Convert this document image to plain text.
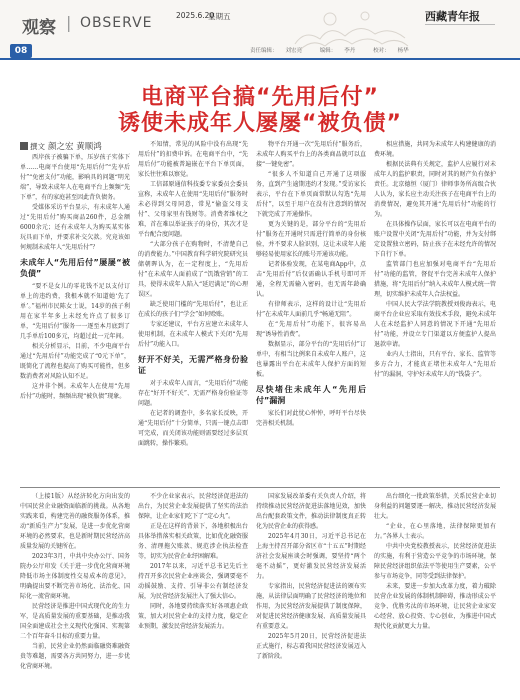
观察 | OBSERVE	2025.6.20
星期五
08
西藏青年报
责任编辑： 刘宏亮	编辑： 李丹	校对： 杨华
电商平台搞“先用后付”
诱使未成年人屡屡“被负债”
撰文 颜之宏 黄顺鸿

西岸孩子被骗下单，压岁孩子实体下单……电商平台使用“先用后付”“先享后付”“免密支付”功能，影响具的问题“明光端”，导致未成年人在电商平台上频频“先下单”，有的家庭甚至因此背负债务。

受媒体采访平台显示，有未成年人通过“先用后付”购买商品260件，总金额6000余元；还有未成年人为购买某实体玩具而下单，并要求补交欠款。究竟该如何规制未成年人“先用后付”？

未成年人“先用后付”屡屡“被负债”

“要不是女儿的零花钱不足以支付订单上的违约费，我根本就不知道她‘先了单’。”福州市民陈女士说，14岁的孩子利用在家半年多上未经允许点了很多订单，“先用后付”服务一一逐至本月底到了几手单后100多元，均超过此一元年间。

相关分析显示，目前，不少电商平台通过“先用后付”功能完成了“0元下单”，既简化了流程也提高了购买可能性，但多数消费者对风险认知不足。

这并非个例。未成年人在使用“先用后付”功能时，频频出现“被负债”现象。

不知情，常见的风险中没有出现“先用后付”的扣费申诉。在电商平台中，“先用后付”功能被普遍嵌在平台下单页面，家长往往难以察觉。

工信部原通信科技委专家委员会委员宣称，未成年人在使用“先用后付”服务时未必得到父母同意，常见“偷盗父母支付”、父母家里有钱财等。消费者维权之难，首在难以举证孩子的身份，其次才是平台配合度问题。

“大部分孩子在购物时，不清楚自己的消费能力。”中国教育科学研究院研究员储朝晖认为，在一定程度上，“先用后付”在未成年人面前成了“饥饿营销”的工具，使得未成年人陷入“延迟满足”的心理误区。

缺乏使用门槛的“先用后付”，也让正在成长的孩子们“学会”如何赊账。

专家还建议，平台方应建立未成年人使用机制，在未成年人模式下关闭“先用后付”功能入口。

好开不好关，无需严格身份验证

对于未成年人而言，“先用后付”功能存在“好开不好关”、无需严格身份验证等问题。

在记者的调查中，多名家长反映，开通“先用后付”十分简单，只需一键点击即可完成，而关闭该功能则需要经过多层页面跳转，操作繁琐。

物平台开通一次“先用后付”服务后，未成年人购买平台上的各类商品就可以直接“一键免密”。

“很多人不知道自己开通了这项服务，直到产生逾期违约才发现。”受访家长表示，平台在下单页面常默认勾选“先用后付”，以至于用户在没有注意到的情况下就完成了开通操作。

更为关键的是，部分平台的“先用后付”服务在开通时只需进行简单的身份核验，并不要求人脸识别，这让未成年人能够轻易使用家长的账号开通该功能。

记者体验发现，在某电商App中，点击“先用后付”后仅需确认手机号即可开通，全程无需输入密码，也无需年龄确认。

有律师表示，这样的设计让“先用后付”在未成年人面前几乎“畅通无阻”。

在“先用后付”功能下，很容易出现“诱导性消费”。

数据显示，部分平台的“先用后付”订单中，有相当比例来自未成年人账户，这也暴露出平台在未成年人保护方面的短板。

尽快堵住未成年人“先用后付”漏洞

家长们对此忧心忡忡，呼吁平台尽快完善相关机制。

相应措施，共同为未成年人构建健康的消费环境。

根据民法典有关规定，监护人应履行对未成年人的监护职责，同时对其的财产负有保护责任。北京德恒（厦门）律师事务所高级合伙人认为，家长应主动关注孩子在电商平台上的消费情况，避免其开通“先用后付”功能的行为。

在具体操作层面，家长可以在电商平台的账户设置中关闭“先用后付”功能，并为支付绑定设置独立密码，防止孩子在未经允许的情况下自行下单。

监管部门也应加强对电商平台“先用后付”功能的监管，督促平台完善未成年人保护措施，将“先用后付”纳入未成年人模式统一管理，切实维护未成年人合法权益。

中国人民大学法学院教授刘俊海表示，电商平台企业应采取有效技术手段，避免未成年人在未经监护人同意的情况下开通“先用后付”功能，并设立专门渠道以方便监护人提出退款申请。

业内人士指出，只有平台、家长、监管等多方合力，才能真正堵住未成年人“先用后付”的漏洞，守护好未成年人的“钱袋子”。

（上接1版）从经济转化方向出发的中国民营企业融资面临新的挑战。从各地实践来看，构建完善的融资服务体系，推动“新质生产力”发展，是进一步优化营商环境的必然要求，也是新时期民营经济高质量发展的关键所在。

2023年3月，中共中央办公厅、国务院办公厅印发《关于进一步优化营商环境降低市场主体制度性交易成本的意见》，明确提出要不断完善市场化、法治化、国际化一流营商环境。

民营经济是推进中国式现代化的生力军，是高质量发展的重要基础，是推动我国全面建成社会主义现代化强国、实现第二个百年奋斗目标的重要力量。

当前，民营企业仍然面临融资难融资贵等难题，需要各方共同努力，进一步优化营商环境。

不少企业家表示，民营经济促进法的出台，为民营企业发展提供了坚实的法治保障，让企业家们吃下了“定心丸”。

正是在这样的背景下，各地积极出台具体举措落实相关政策，比如优化融资服务、清理拖欠账款、规范涉企执法检查等，切实为民营企业纾困解难。

2017年以来，习近平总书记先后主持召开多次民营企业座谈会，强调要毫不动摇鼓励、支持、引导非公有制经济发展，为民营经济发展注入了强大信心。

同时，各地要持续落实好各项惠企政策，加大对民营企业的支持力度，稳定企业预期，激发民营经济发展活力。

国家发展改革委有关负责人介绍，将持续推动民营经济促进法落地见效，加快出台配套政策文件，推动法律制度真正转化为民营企业的获得感。

2025年4月30日，习近平总书记在上海主持召开部分省区市“十五五”时期经济社会发展座谈会时强调，要坚持“两个毫不动摇”，更好激发民营经济发展活力。

专家指出，民营经济促进法的颁布实施，从法律层面明确了民营经济的地位和作用，为民营经济发展提供了制度保障，对促进民营经济健康发展、高质量发展具有重要意义。

2025年5月20日，民营经济促进法正式施行，标志着我国民营经济发展迈入了新阶段。

出台细化一批政策举措，关系民营企业切身利益的问题要逐一解决，推动民营经济发展壮大。

“企业，在心里落地，法律保障更加有力。”各界人士表示。

中共中央党校教授表示，民营经济促进法的实施，有利于营造公平竞争的市场环境，保障民营经济组织依法平等使用生产要素，公平参与市场竞争，同等受到法律保护。

未来，要进一步加大改革力度，着力破除民营企业发展的体制机制障碍，推动形成公平竞争、优胜劣汰的市场环境，让民营企业家安心经营、放心投资、专心创业，为推进中国式现代化贡献更大力量。
